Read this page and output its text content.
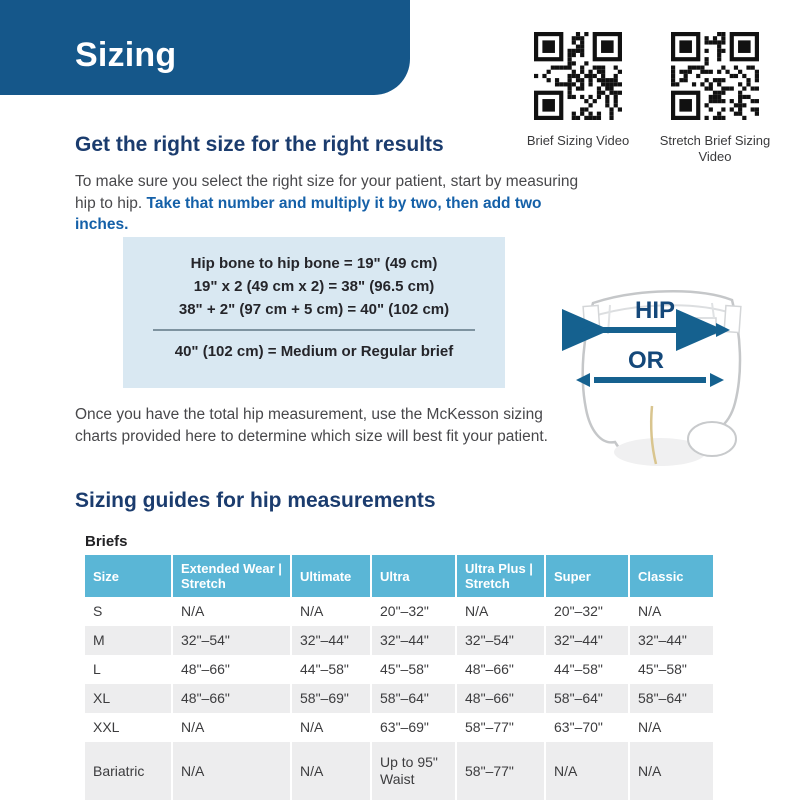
Sizing
Brief Sizing Video	Stretch Brief Sizing Video
Get the right size for the right results
To make sure you select the right size for your patient, start by measuring hip to hip. Take that number and multiply it by two, then add two inches.
Hip bone to hip bone = 19" (49 cm)
19" x 2 (49 cm x 2) = 38" (96.5 cm)
38" + 2" (97 cm + 5 cm) = 40" (102 cm)
40" (102 cm) = Medium or Regular brief
HIP
OR
Once you have the total hip measurement, use the McKesson sizing charts provided here to determine which size will best fit your patient.
Sizing guides for hip measurements
Briefs
Size	Extended Wear | Stretch	Ultimate	Ultra	Ultra Plus | Stretch	Super	Classic
S	N/A	N/A	20"–32"	N/A	20"–32"	N/A
M	32"–54"	32"–44"	32"–44"	32"–54"	32"–44"	32"–44"
L	48"–66"	44"–58"	45"–58"	48"–66"	44"–58"	45"–58"
XL	48"–66"	58"–69"	58"–64"	48"–66"	58"–64"	58"–64"
XXL	N/A	N/A	63"–69"	58"–77"	63"–70"	N/A
Bariatric	N/A	N/A	Up to 95" Waist	58"–77"	N/A	N/A
